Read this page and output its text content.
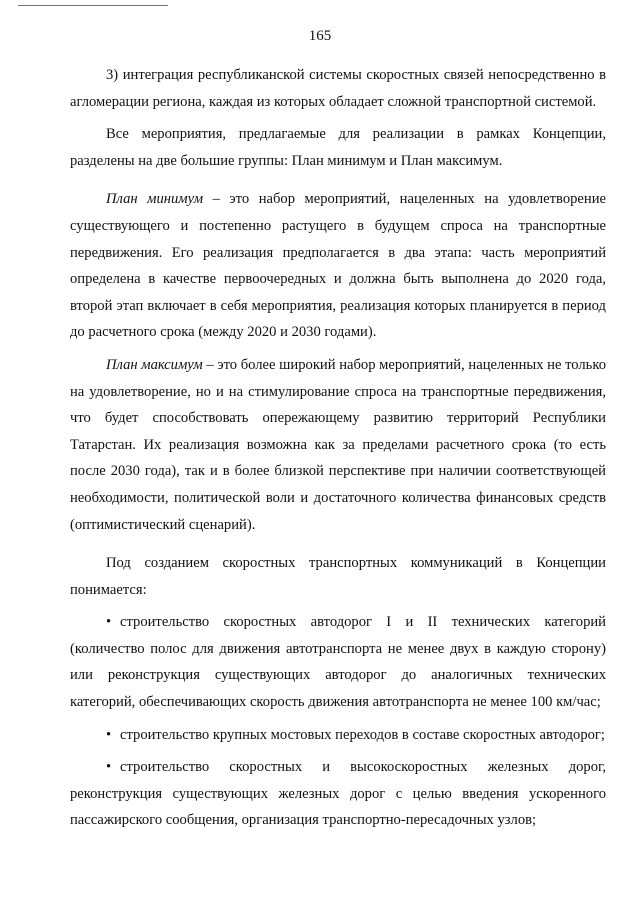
165

3) интеграция республиканской системы скоростных связей непосредственно в агломерации региона, каждая из которых обладает сложной транспортной системой.

Все мероприятия, предлагаемые для реализации в рамках Концепции, разделены на две большие группы: План минимум и План максимум.

План минимум – это набор мероприятий, нацеленных на удовлетворение существующего и постепенно растущего в будущем спроса на транспортные передвижения. Его реализация предполагается в два этапа: часть мероприятий определена в качестве первоочередных и должна быть выполнена до 2020 года, второй этап включает в себя мероприятия, реализация которых планируется в период до расчетного срока (между 2020 и 2030 годами).

План максимум – это более широкий набор мероприятий, нацеленных не только на удовлетворение, но и на стимулирование спроса на транспортные передвижения, что будет способствовать опережающему развитию территорий Республики Татарстан. Их реализация возможна как за пределами расчетного срока (то есть после 2030 года), так и в более близкой перспективе при наличии соответствующей необходимости, политической воли и достаточного количества финансовых средств (оптимистический сценарий).

Под созданием скоростных транспортных коммуникаций в Концепции понимается:

• строительство скоростных автодорог I и II технических категорий (количество полос для движения автотранспорта не менее двух в каждую сторону) или реконструкция существующих автодорог до аналогичных технических категорий, обеспечивающих скорость движения автотранспорта не менее 100 км/час;

• строительство крупных мостовых переходов в составе скоростных автодорог;

• строительство скоростных и высокоскоростных железных дорог, реконструкция существующих железных дорог с целью введения ускоренного пассажирского сообщения, организация транспортно-пересадочных узлов;
